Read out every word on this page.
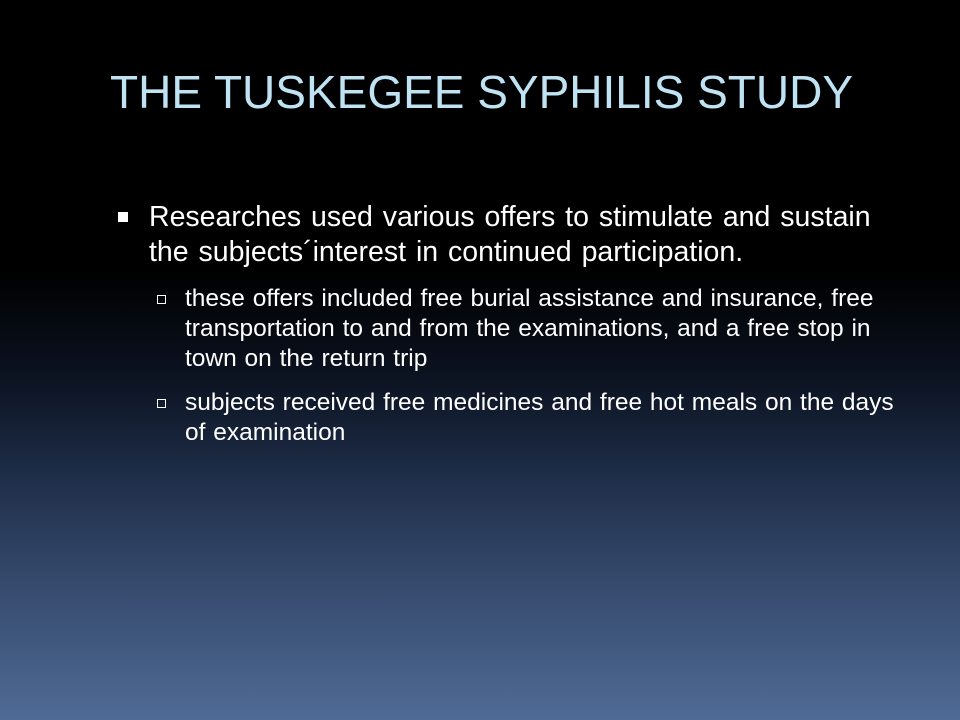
THE TUSKEGEE SYPHILIS STUDY
Researches used various offers to stimulate and sustain the subjects´interest in continued participation.
these offers included free burial assistance and insurance, free transportation to and from the examinations, and a free stop in town on the return trip
subjects received free medicines and free hot meals on the days of examination
